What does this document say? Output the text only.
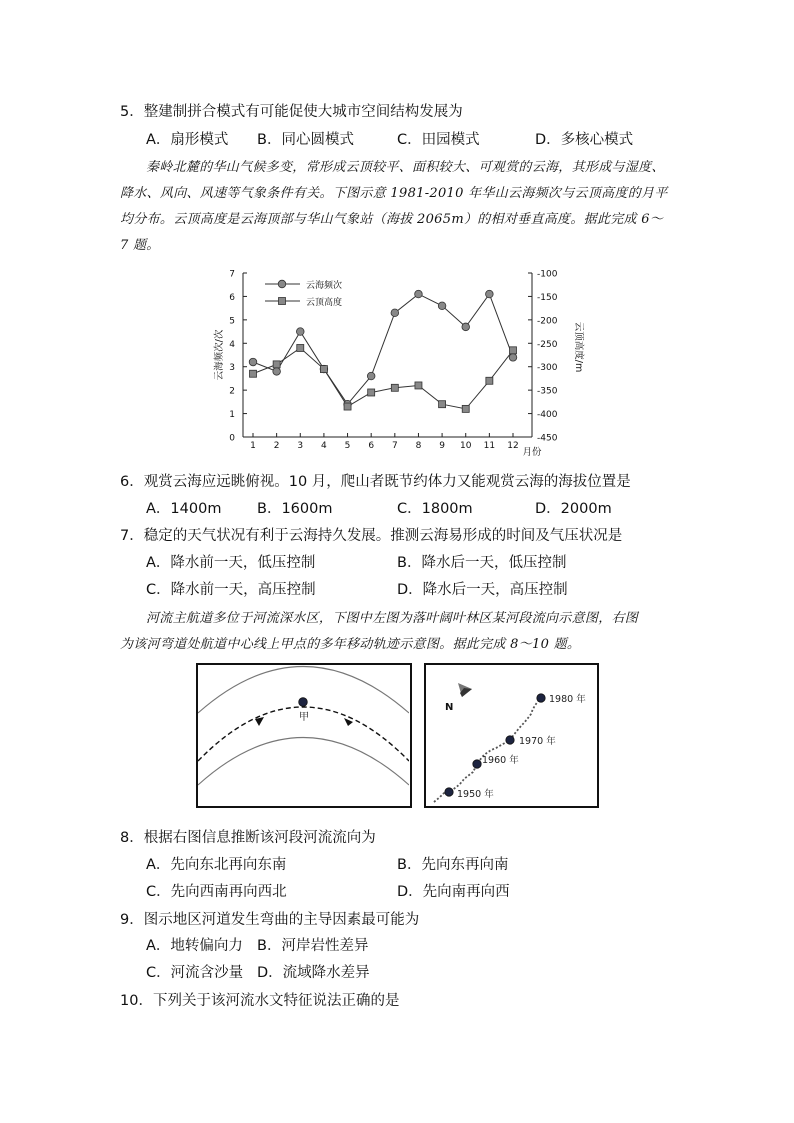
5．整建制拼合模式有可能促使大城市空间结构发展为
A．扇形模式 B．同心圆模式	C．田园模式	D．多核心模式
秦岭北麓的华山气候多变，常形成云顶较平、面积较大、可观赏的云海，其形成与湿度、
降水、风向、风速等气象条件有关。下图示意 1981-2010 年华山云海频次与云顶高度的月平
均分布。云顶高度是云海顶部与华山气象站（海拔 2065m）的相对垂直高度。据此完成 6～
7 题。
0
1
2
3
4
5
6
7	-100
-150
-200
-250
-300
-350
-400
-450
1 2 3 4 5 6 7 8 9 10 11 12
云海频次
云顶高度
云海频次/次	云顶高度/m
月份
6．观赏云海应远眺俯视。10 月，爬山者既节约体力又能观赏云海的海拔位置是
A．1400m B．1600m	C．1800m	D．2000m
7．稳定的天气状况有利于云海持久发展。推测云海易形成的时间及气压状况是
A．降水前一天，低压控制	B．降水后一天，低压控制
C．降水前一天，高压控制	D．降水后一天，高压控制
河流主航道多位于河流深水区，下图中左图为落叶阔叶林区某河段流向示意图，右图
为该河弯道处航道中心线上甲点的多年移动轨迹示意图。据此完成 8～10 题。
甲
N
1980 年
1970 年
1960 年
1950 年
8．根据右图信息推断该河段河流流向为
A．先向东北再向东南	B．先向东再向南
C．先向西南再向西北	D．先向南再向西
9．图示地区河道发生弯曲的主导因素最可能为
A．地转偏向力 B．河岸岩性差异
C．河流含沙量 D．流域降水差异
10．下列关于该河流水文特征说法正确的是
